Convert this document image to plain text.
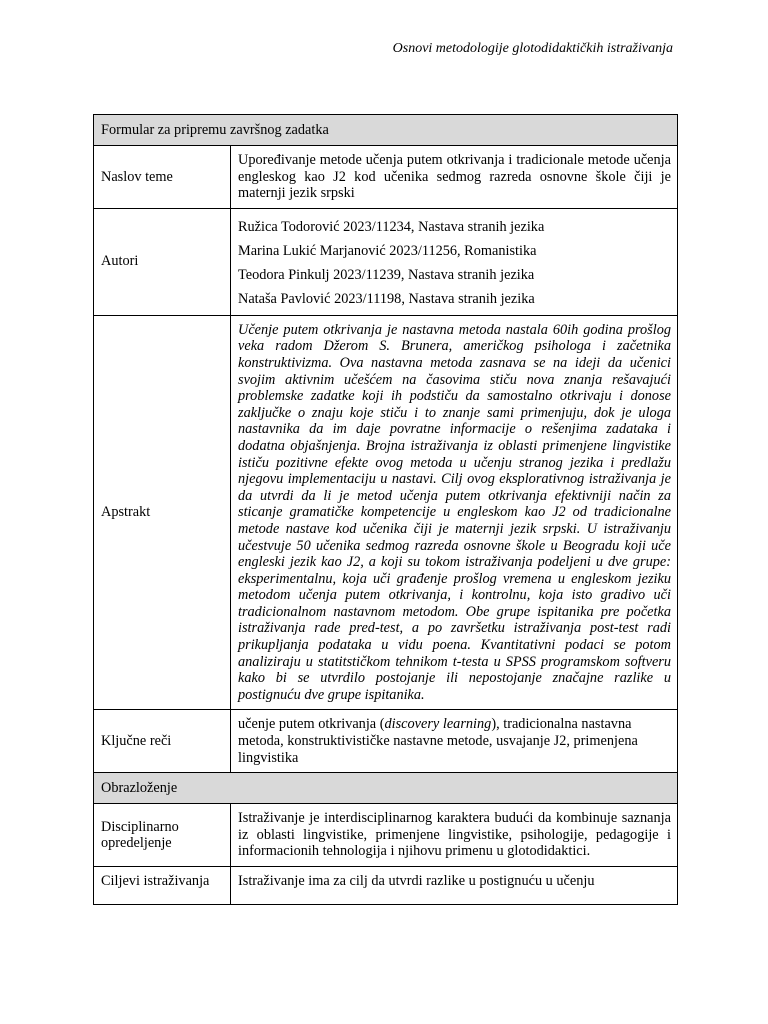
Osnovi metodologije glotodidaktičkih istraživanja
Formular za pripremu završnog zadatka	
Naslov teme	Upoređivanje metode učenja putem otkrivanja i tradicionale metode učenja engleskog kao J2 kod učenika sedmog razreda osnovne škole čiji je maternji jezik srpski
Autori	Ružica Todorović 2023/11234, Nastava stranih jezika
Marina Lukić Marjanović 2023/11256, Romanistika
Teodora Pinkulj 2023/11239, Nastava stranih jezika
Nataša Pavlović 2023/11198, Nastava stranih jezika

Apstrakt	Učenje putem otkrivanja je nastavna metoda nastala 60ih godina prošlog veka radom Džerom S. Brunera, američkog psihologa i začetnika konstruktivizma. Ova nastavna metoda zasnava se na ideji da učenici svojim aktivnim učešćem na časovima stiču nova znanja rešavajući problemske zadatke koji ih podstiču da samostalno otkrivaju i donose zaključke o znaju koje stiču i to znanje sami primenjuju, dok je uloga nastavnika da im daje povratne informacije o rešenjima zadataka i dodatna objašnjenja. Brojna istraživanja iz oblasti primenjene lingvistike ističu pozitivne efekte ovog metoda u učenju stranog jezika i predlažu njegovu implementaciju u nastavi. Cilj ovog eksplorativnog istraživanja je da utvrdi da li je metod učenja putem otkrivanja efektivniji način za sticanje gramatičke kompetencije u engleskom kao J2 od tradicionalne metode nastave kod učenika čiji je maternji jezik srpski. U istraživanju učestvuje 50 učenika sedmog razreda osnovne škole u Beogradu koji uče engleski jezik kao J2, a koji su tokom istraživanja podeljeni u dve grupe: eksperimentalnu, koja uči građenje prošlog vremena u engleskom jeziku metodom učenja putem otkrivanja, i kontrolnu, koja isto gradivo uči tradicionalnom nastavnom metodom. Obe grupe ispitanika pre početka istraživanja rade pred-test, a po završetku istraživanja post-test radi prikupljanja podataka u vidu poena. Kvantitativni podaci se potom analiziraju u statitstičkom tehnikom t-testa u SPSS programskom softveru kako bi se utvrdilo postojanje ili nepostojanje značajne razlike u postignuću dve grupe ispitanika.
Ključne reči	učenje putem otkrivanja (discovery learning), tradicionalna nastavna metoda, konstruktivističke nastavne metode, usvajanje J2, primenjena lingvistika
Obrazloženje	
Disciplinarno opredeljenje	Istraživanje je interdisciplinarnog karaktera budući da kombinuje saznanja iz oblasti lingvistike, primenjene lingvistike, psihologije, pedagogije i informacionih tehnologija i njihovu primenu u glotodidaktici.
Ciljevi istraživanja	Istraživanje ima za cilj da utvrdi razlike u postignuću u učenju
